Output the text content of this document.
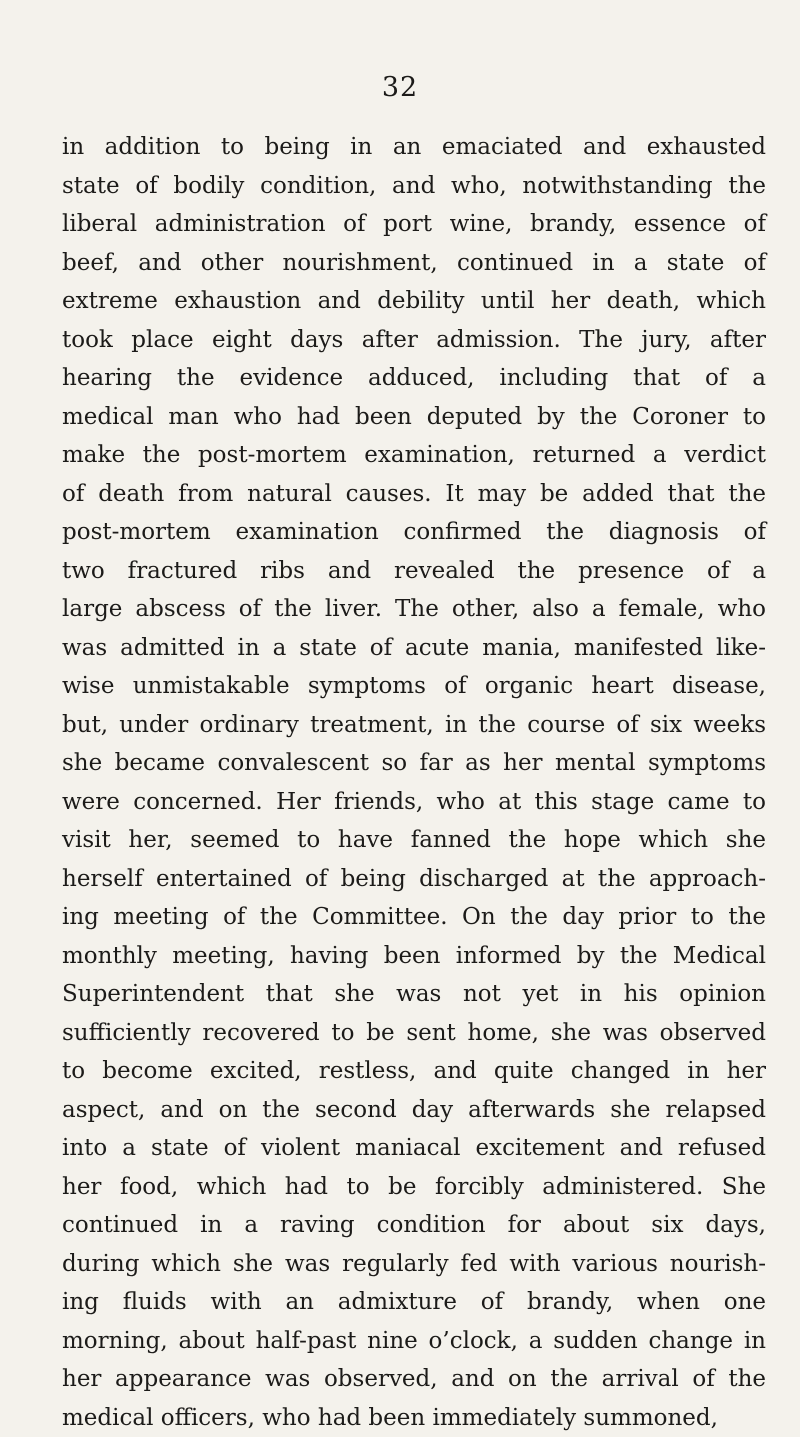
32
in addition to being in an emaciated and exhausted
state of bodily condition, and who, notwithstanding the
liberal administration of port wine, brandy, essence of
beef, and other nourishment, continued in a state of
extreme exhaustion and debility until her death, which
took place eight days after admission. The jury, after
hearing the evidence adduced, including that of a
medical man who had been deputed by the Coroner to
make the post-mortem examination, returned a verdict
of death from natural causes. It may be added that the
post-mortem examination confirmed the diagnosis of
two fractured ribs and revealed the presence of a
large abscess of the liver. The other, also a female, who
was admitted in a state of acute mania, manifested like-
wise unmistakable symptoms of organic heart disease,
but, under ordinary treatment, in the course of six weeks
she became convalescent so far as her mental symptoms
were concerned. Her friends, who at this stage came to
visit her, seemed to have fanned the hope which she
herself entertained of being discharged at the approach-
ing meeting of the Committee. On the day prior to the
monthly meeting, having been informed by the Medical
Superintendent that she was not yet in his opinion
sufficiently recovered to be sent home, she was observed
to become excited, restless, and quite changed in her
aspect, and on the second day afterwards she relapsed
into a state of violent maniacal excitement and refused
her food, which had to be forcibly administered. She
continued in a raving condition for about six days,
during which she was regularly fed with various nourish-
ing fluids with an admixture of brandy, when one
morning, about half-past nine o’clock, a sudden change in
her appearance was observed, and on the arrival of the
medical officers, who had been immediately summoned,
